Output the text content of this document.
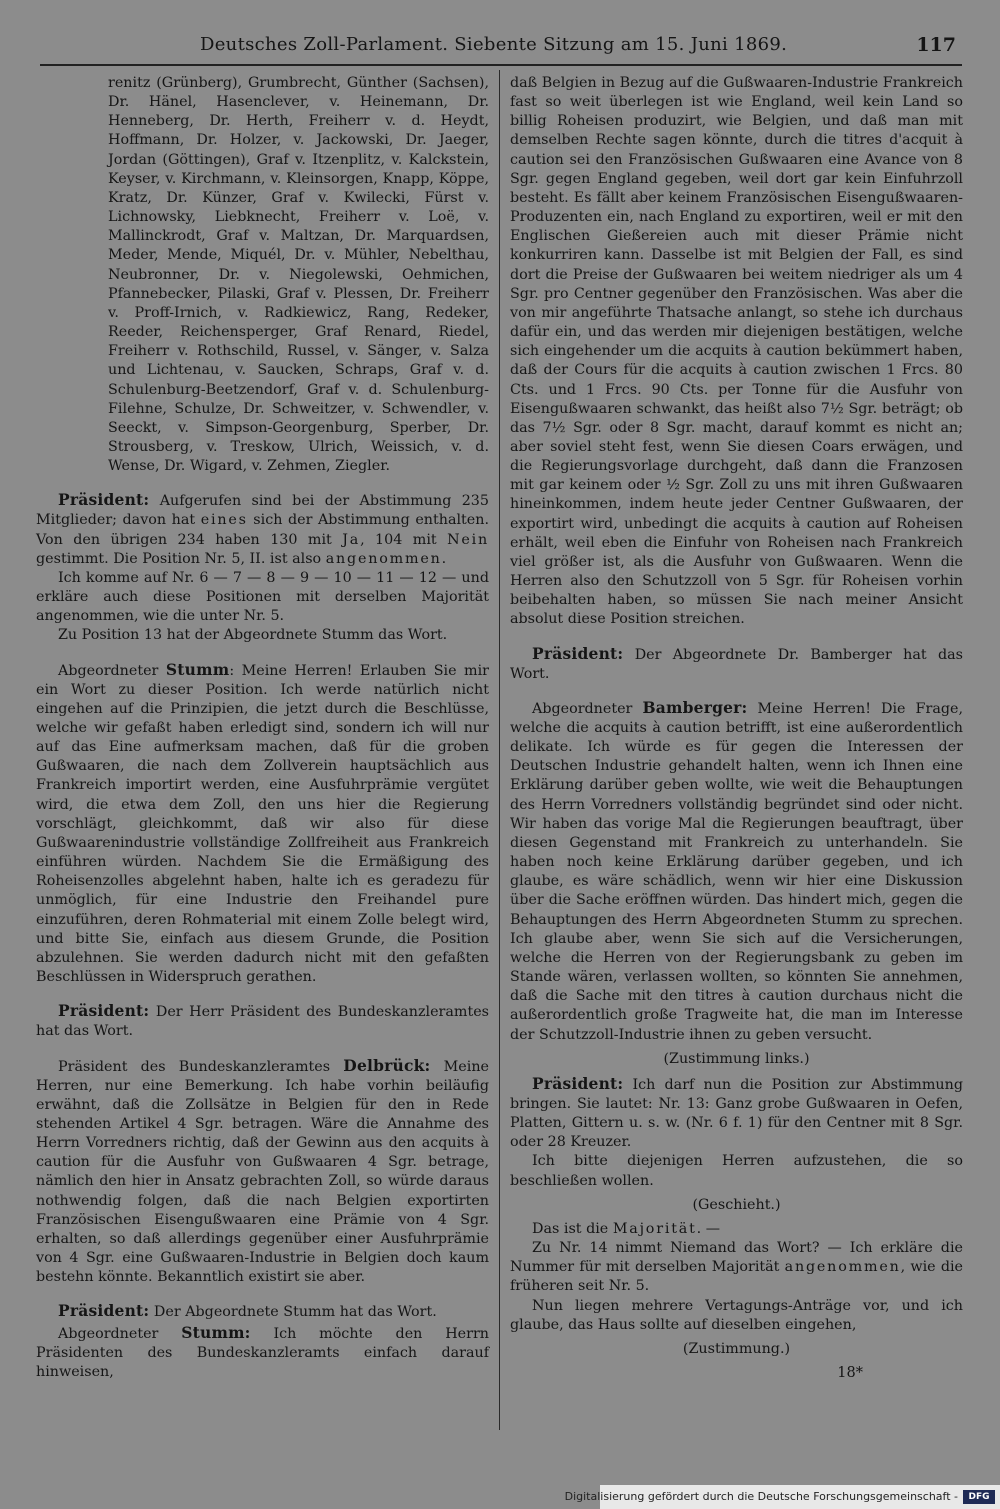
Deutsches Zoll-Parlament. Siebente Sitzung am 15. Juni 1869.	117

renitz (Grünberg), Grumbrecht, Günther (Sachsen), Dr. Hänel, Hasenclever, v. Heinemann, Dr. Henneberg, Dr. Herth, Freiherr v. d. Heydt, Hoffmann, Dr. Holzer, v. Jackowski, Dr. Jaeger, Jordan (Göttingen), Graf v. Itzenplitz, v. Kalckstein, Keyser, v. Kirchmann, v. Kleinsorgen, Knapp, Köppe, Kratz, Dr. Künzer, Graf v. Kwilecki, Fürst v. Lichnowsky, Liebknecht, Freiherr v. Loë, v. Mallinckrodt, Graf v. Maltzan, Dr. Marquardsen, Meder, Mende, Miquél, Dr. v. Mühler, Nebelthau, Neubronner, Dr. v. Niegolewski, Oehmichen, Pfannebecker, Pilaski, Graf v. Plessen, Dr. Freiherr v. Proff-Irnich, v. Radkiewicz, Rang, Redeker, Reeder, Reichensperger, Graf Renard, Riedel, Freiherr v. Rothschild, Russel, v. Sänger, v. Salza und Lichtenau, v. Saucken, Schraps, Graf v. d. Schulenburg-Beetzendorf, Graf v. d. Schulenburg-Filehne, Schulze, Dr. Schweitzer, v. Schwendler, v. Seeckt, v. Simpson-Georgenburg, Sperber, Dr. Strousberg, v. Treskow, Ulrich, Weissich, v. d. Wense, Dr. Wigard, v. Zehmen, Ziegler.

Präsident: Aufgerufen sind bei der Abstimmung 235 Mitglieder; davon hat eines sich der Abstimmung enthalten. Von den übrigen 234 haben 130 mit Ja, 104 mit Nein gestimmt. Die Position Nr. 5, II. ist also angenommen.

Ich komme auf Nr. 6 — 7 — 8 — 9 — 10 — 11 — 12 — und erkläre auch diese Positionen mit derselben Majorität angenommen, wie die unter Nr. 5.

Zu Position 13 hat der Abgeordnete Stumm das Wort.

Abgeordneter Stumm: Meine Herren! Erlauben Sie mir ein Wort zu dieser Position. Ich werde natürlich nicht eingehen auf die Prinzipien, die jetzt durch die Beschlüsse, welche wir gefaßt haben erledigt sind, sondern ich will nur auf das Eine aufmerksam machen, daß für die groben Gußwaaren, die nach dem Zollverein hauptsächlich aus Frankreich importirt werden, eine Ausfuhrprämie vergütet wird, die etwa dem Zoll, den uns hier die Regierung vorschlägt, gleichkommt, daß wir also für diese Gußwaarenindustrie vollständige Zollfreiheit aus Frankreich einführen würden. Nachdem Sie die Ermäßigung des Roheisenzolles abgelehnt haben, halte ich es geradezu für unmöglich, für eine Industrie den Freihandel pure einzuführen, deren Rohmaterial mit einem Zolle belegt wird, und bitte Sie, einfach aus diesem Grunde, die Position abzulehnen. Sie werden dadurch nicht mit den gefaßten Beschlüssen in Widerspruch gerathen.

Präsident: Der Herr Präsident des Bundeskanzleramtes hat das Wort.

Präsident des Bundeskanzleramtes Delbrück: Meine Herren, nur eine Bemerkung. Ich habe vorhin beiläufig erwähnt, daß die Zollsätze in Belgien für den in Rede stehenden Artikel 4 Sgr. betragen. Wäre die Annahme des Herrn Vorredners richtig, daß der Gewinn aus den acquits à caution für die Ausfuhr von Gußwaaren 4 Sgr. betrage, nämlich den hier in Ansatz gebrachten Zoll, so würde daraus nothwendig folgen, daß die nach Belgien exportirten Französischen Eisengußwaaren eine Prämie von 4 Sgr. erhalten, so daß allerdings gegenüber einer Ausfuhrprämie von 4 Sgr. eine Gußwaaren-Industrie in Belgien doch kaum bestehn könnte. Bekanntlich existirt sie aber.

Präsident: Der Abgeordnete Stumm hat das Wort.

Abgeordneter Stumm: Ich möchte den Herrn Präsidenten des Bundeskanzleramts einfach darauf hinweisen,

daß Belgien in Bezug auf die Gußwaaren-Industrie Frankreich fast so weit überlegen ist wie England, weil kein Land so billig Roheisen produzirt, wie Belgien, und daß man mit demselben Rechte sagen könnte, durch die titres d'acquit à caution sei den Französischen Gußwaaren eine Avance von 8 Sgr. gegen England gegeben, weil dort gar kein Einfuhrzoll besteht. Es fällt aber keinem Französischen Eisengußwaaren-Produzenten ein, nach England zu exportiren, weil er mit den Englischen Gießereien auch mit dieser Prämie nicht konkurriren kann. Dasselbe ist mit Belgien der Fall, es sind dort die Preise der Gußwaaren bei weitem niedriger als um 4 Sgr. pro Centner gegenüber den Französischen. Was aber die von mir angeführte Thatsache anlangt, so stehe ich durchaus dafür ein, und das werden mir diejenigen bestätigen, welche sich eingehender um die acquits à caution bekümmert haben, daß der Cours für die acquits à caution zwischen 1 Frcs. 80 Cts. und 1 Frcs. 90 Cts. per Tonne für die Ausfuhr von Eisengußwaaren schwankt, das heißt also 7½ Sgr. beträgt; ob das 7½ Sgr. oder 8 Sgr. macht, darauf kommt es nicht an; aber soviel steht fest, wenn Sie diesen Coars erwägen, und die Regierungsvorlage durchgeht, daß dann die Franzosen mit gar keinem oder ½ Sgr. Zoll zu uns mit ihren Gußwaaren hineinkommen, indem heute jeder Centner Gußwaaren, der exportirt wird, unbedingt die acquits à caution auf Roheisen erhält, weil eben die Einfuhr von Roheisen nach Frankreich viel größer ist, als die Ausfuhr von Gußwaaren. Wenn die Herren also den Schutzzoll von 5 Sgr. für Roheisen vorhin beibehalten haben, so müssen Sie nach meiner Ansicht absolut diese Position streichen.

Präsident: Der Abgeordnete Dr. Bamberger hat das Wort.

Abgeordneter Bamberger: Meine Herren! Die Frage, welche die acquits à caution betrifft, ist eine außerordentlich delikate. Ich würde es für gegen die Interessen der Deutschen Industrie gehandelt halten, wenn ich Ihnen eine Erklärung darüber geben wollte, wie weit die Behauptungen des Herrn Vorredners vollständig begründet sind oder nicht. Wir haben das vorige Mal die Regierungen beauftragt, über diesen Gegenstand mit Frankreich zu unterhandeln. Sie haben noch keine Erklärung darüber gegeben, und ich glaube, es wäre schädlich, wenn wir hier eine Diskussion über die Sache eröffnen würden. Das hindert mich, gegen die Behauptungen des Herrn Abgeordneten Stumm zu sprechen. Ich glaube aber, wenn Sie sich auf die Versicherungen, welche die Herren von der Regierungsbank zu geben im Stande wären, verlassen wollten, so könnten Sie annehmen, daß die Sache mit den titres à caution durchaus nicht die außerordentlich große Tragweite hat, die man im Interesse der Schutzzoll-Industrie ihnen zu geben versucht.

(Zustimmung links.)

Präsident: Ich darf nun die Position zur Abstimmung bringen. Sie lautet: Nr. 13: Ganz grobe Gußwaaren in Oefen, Platten, Gittern u. s. w. (Nr. 6 f. 1) für den Centner mit 8 Sgr. oder 28 Kreuzer.

Ich bitte diejenigen Herren aufzustehen, die so beschließen wollen.

(Geschieht.)

Das ist die Majorität. —

Zu Nr. 14 nimmt Niemand das Wort? — Ich erkläre die Nummer für mit derselben Majorität angenommen, wie die früheren seit Nr. 5.

Nun liegen mehrere Vertagungs-Anträge vor, und ich glaube, das Haus sollte auf dieselben eingehen,

(Zustimmung.)

18*
Digitalisierung gefördert durch die Deutsche Forschungsgemeinschaft -	DFG
